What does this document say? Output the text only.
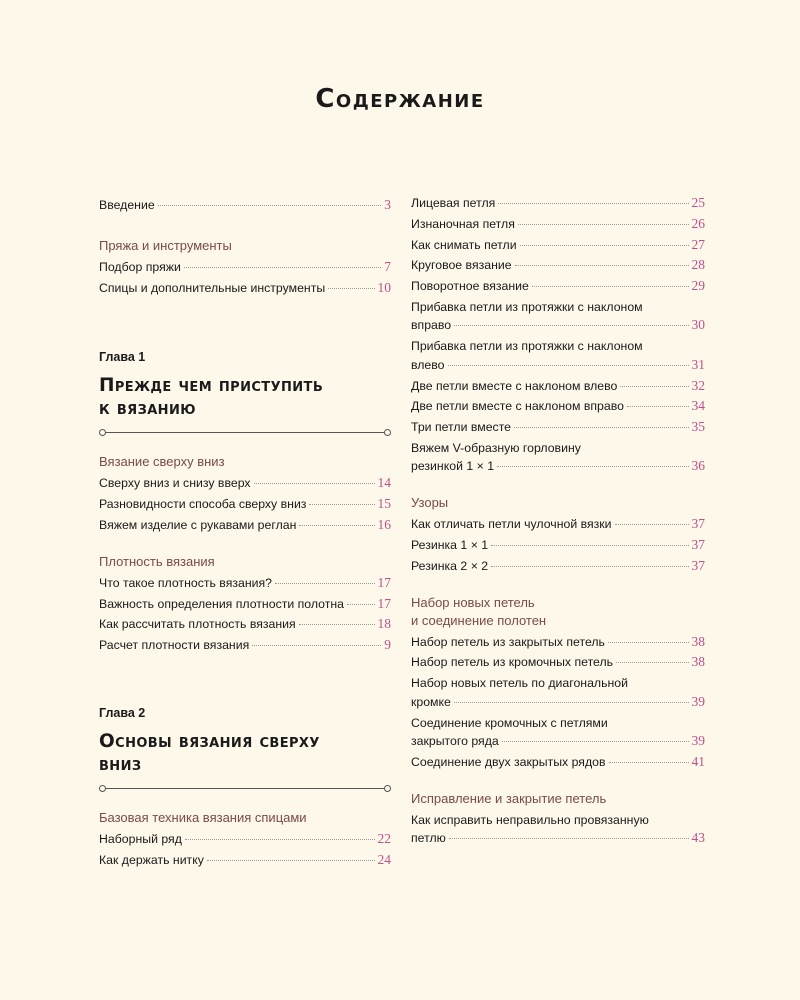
Содержание
Введение	3
Пряжа и инструменты
Подбор пряжи	7
Спицы и дополнительные инструменты	10
Глава 1
Прежде чем приступить
к вязанию
Вязание сверху вниз
Сверху вниз и снизу вверх	14
Разновидности способа сверху вниз	15
Вяжем изделие с рукавами реглан	16
Плотность вязания
Что такое плотность вязания?	17
Важность определения плотности полотна 17
Как рассчитать плотность вязания	18
Расчет плотности вязания	9
Глава 2
Основы вязания сверху
вниз
Базовая техника вязания спицами
Наборный ряд	22
Как держать нитку	24
Лицевая петля	25
Изнаночная петля	26
Как снимать петли	27
Круговое вязание	28
Поворотное вязание	29
Прибавка петли из протяжки с наклоном
вправо	30
Прибавка петли из протяжки с наклоном
влево	31
Две петли вместе с наклоном влево	32
Две петли вместе с наклоном вправо	34
Три петли вместе	35
Вяжем V-образную горловину
резинкой 1 × 1	36
Узоры
Как отличать петли чулочной вязки	37
Резинка 1 × 1	37
Резинка 2 × 2	37
Набор новых петель
и соединение полотен
Набор петель из закрытых петель	38
Набор петель из кромочных петель	38
Набор новых петель по диагональной
кромке	39
Соединение кромочных с петлями
закрытого ряда	39
Соединение двух закрытых рядов	41
Исправление и закрытие петель
Как исправить неправильно провязанную
петлю	43
